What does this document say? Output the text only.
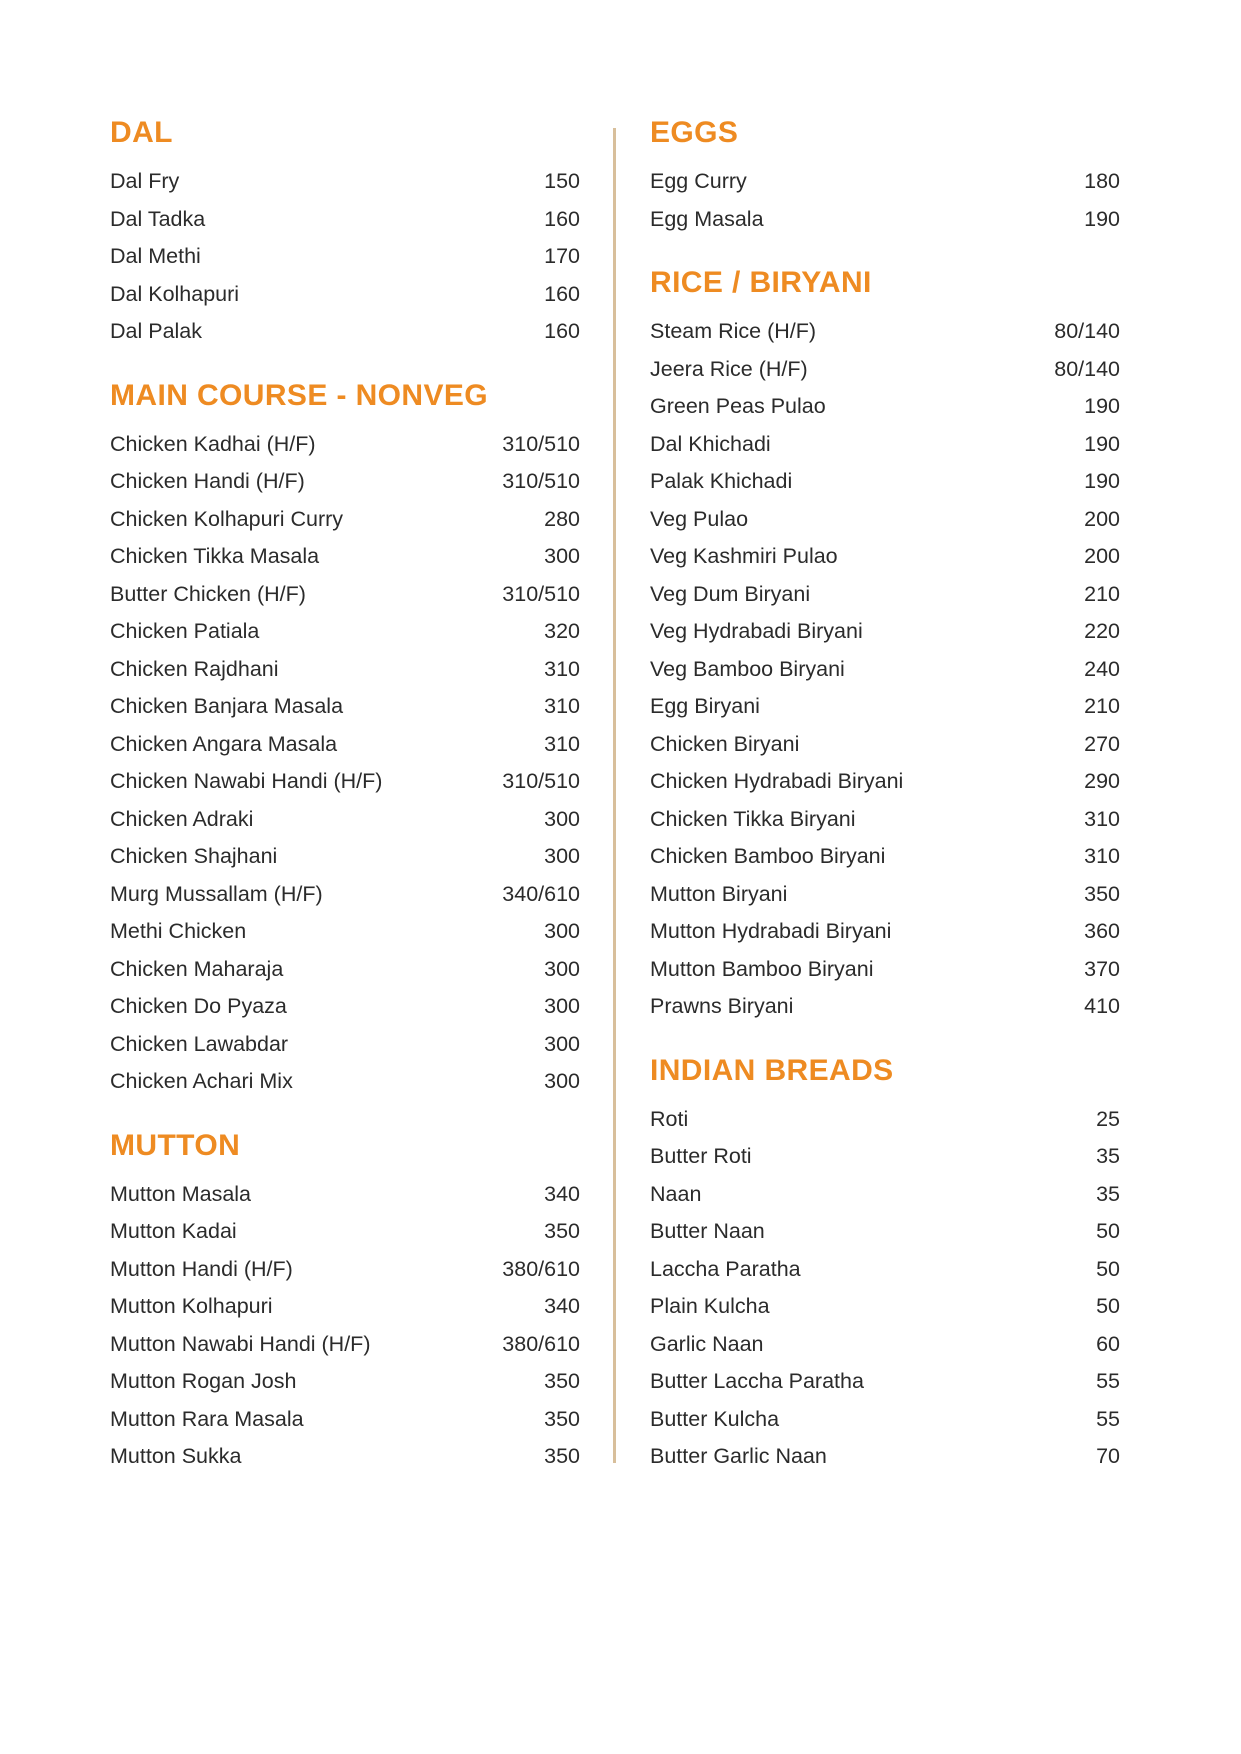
DAL
Dal Fry	150
Dal Tadka	160
Dal Methi	170
Dal Kolhapuri	160
Dal Palak	160
MAIN COURSE - NONVEG
Chicken Kadhai (H/F)	310/510
Chicken Handi (H/F)	310/510
Chicken Kolhapuri Curry	280
Chicken Tikka Masala	300
Butter Chicken (H/F)	310/510
Chicken Patiala	320
Chicken Rajdhani	310
Chicken Banjara Masala	310
Chicken Angara Masala	310
Chicken Nawabi Handi (H/F)	310/510
Chicken Adraki	300
Chicken Shajhani	300
Murg Mussallam (H/F)	340/610
Methi Chicken	300
Chicken Maharaja	300
Chicken Do Pyaza	300
Chicken Lawabdar	300
Chicken Achari Mix	300
MUTTON
Mutton Masala	340
Mutton Kadai	350
Mutton Handi (H/F)	380/610
Mutton Kolhapuri	340
Mutton Nawabi Handi (H/F)	380/610
Mutton Rogan Josh	350
Mutton Rara Masala	350
Mutton Sukka	350
EGGS
Egg Curry	180
Egg Masala	190
RICE / BIRYANI
Steam Rice (H/F)	80/140
Jeera Rice (H/F)	80/140
Green Peas Pulao	190
Dal Khichadi	190
Palak Khichadi	190
Veg Pulao	200
Veg Kashmiri Pulao	200
Veg Dum Biryani	210
Veg Hydrabadi Biryani	220
Veg Bamboo Biryani	240
Egg Biryani	210
Chicken Biryani	270
Chicken Hydrabadi Biryani	290
Chicken Tikka Biryani	310
Chicken Bamboo Biryani	310
Mutton Biryani	350
Mutton Hydrabadi Biryani	360
Mutton Bamboo Biryani	370
Prawns Biryani	410
INDIAN BREADS
Roti	25
Butter Roti	35
Naan	35
Butter Naan	50
Laccha Paratha	50
Plain Kulcha	50
Garlic Naan	60
Butter Laccha Paratha	55
Butter Kulcha	55
Butter Garlic Naan	70
